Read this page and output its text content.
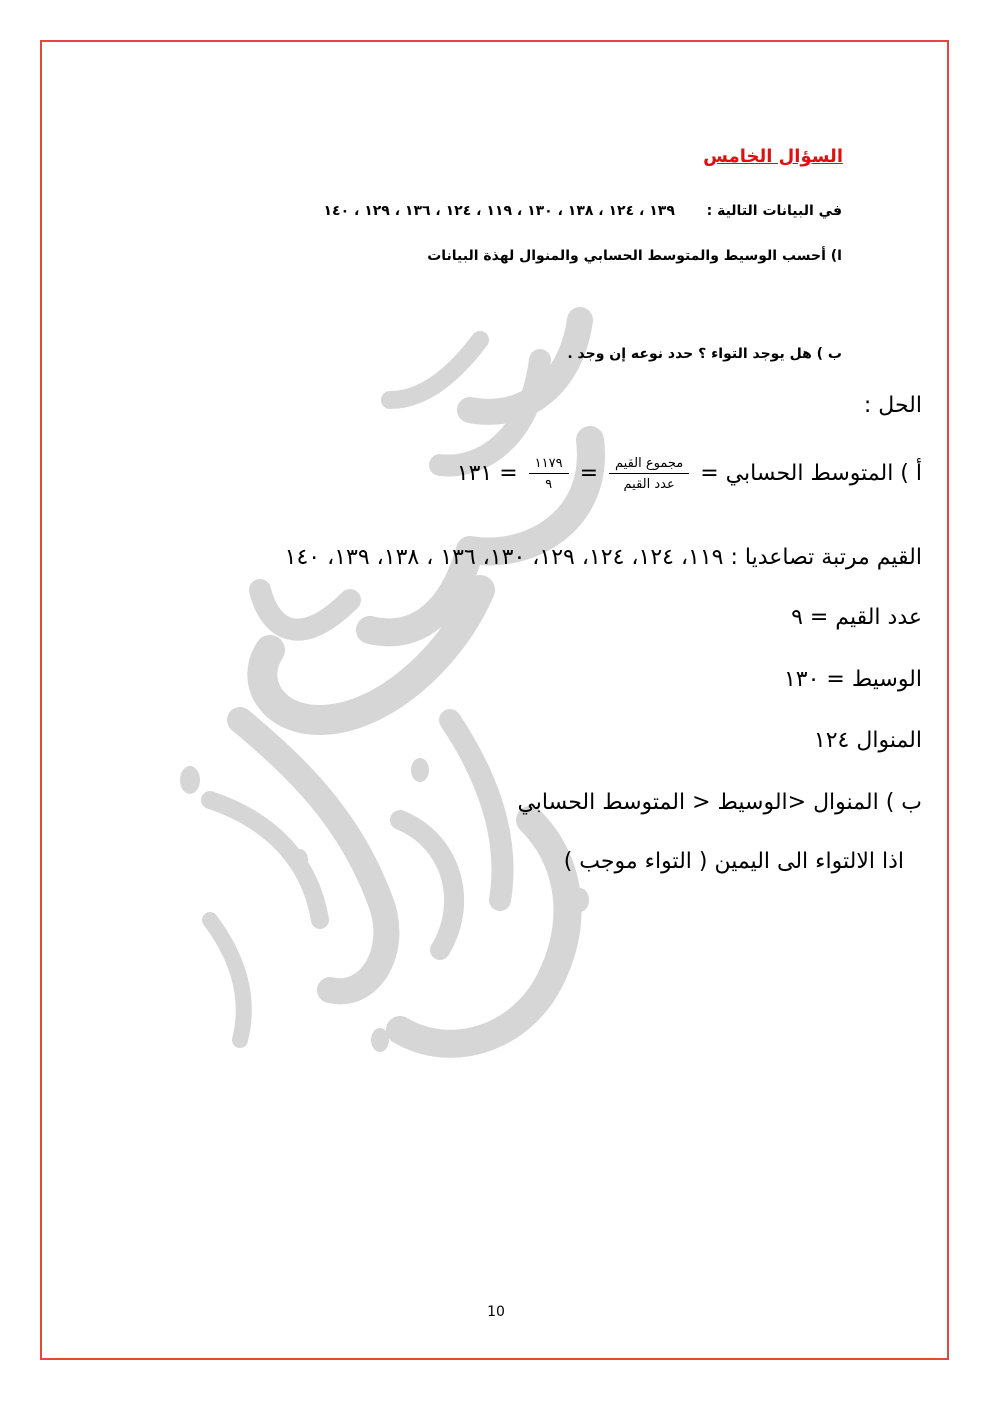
السؤال الخامس
في البيانات التالية :  ١٣٩ ، ١٢٤ ، ١٣٨ ، ١٣٠ ، ١١٩ ، ١٢٤ ، ١٣٦ ، ١٢٩ ، ١٤٠
ا) أحسب الوسيط والمتوسط الحسابي والمنوال لهذة البيانات
ب ) هل يوجد التواء ؟ حدد نوعه إن وجد .
الحل :
أ ) المتوسط الحسابي =
$\frac{\text{مجموع القيم}}{\text{عدد القيم}}$
=
$\frac{١١٧٩}{٩}$
= ١٣١
القيم مرتبة تصاعديا : ١١٩، ١٢٤، ١٢٤، ١٢٩، ١٣٠، ١٣٦ ، ١٣٨، ١٣٩، ١٤٠
عدد القيم = ٩
الوسيط = ١٣٠
المنوال ١٢٤
ب ) المنوال <الوسيط < المتوسط الحسابي
اذا الالتواء الى اليمين ( التواء موجب )
10
